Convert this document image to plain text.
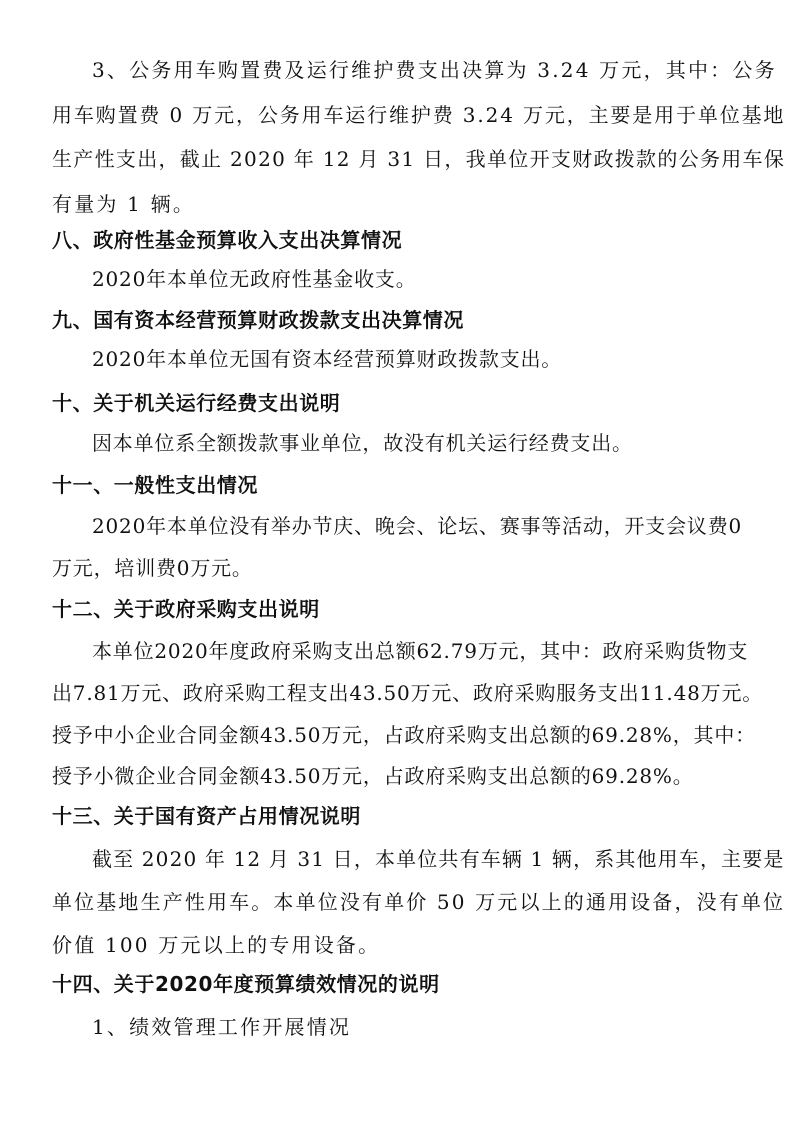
3、公务用车购置费及运行维护费支出决算为 3.24 万元，其中：公务
用车购置费 0 万元，公务用车运行维护费 3.24 万元，主要是用于单位基地
生产性支出，截止 2020 年 12 月 31 日，我单位开支财政拨款的公务用车保
有量为 1 辆。
八、政府性基金预算收入支出决算情况
2020年本单位无政府性基金收支。
九、国有资本经营预算财政拨款支出决算情况
2020年本单位无国有资本经营预算财政拨款支出。
十、关于机关运行经费支出说明
因本单位系全额拨款事业单位，故没有机关运行经费支出。
十一、一般性支出情况
2020年本单位没有举办节庆、晚会、论坛、赛事等活动，开支会议费0
万元，培训费0万元。
十二、关于政府采购支出说明
本单位2020年度政府采购支出总额62.79万元，其中：政府采购货物支
出7.81万元、政府采购工程支出43.50万元、政府采购服务支出11.48万元。
授予中小企业合同金额43.50万元，占政府采购支出总额的69.28%，其中：
授予小微企业合同金额43.50万元，占政府采购支出总额的69.28%。
十三、关于国有资产占用情况说明
截至 2020 年 12 月 31 日，本单位共有车辆 1 辆，系其他用车，主要是
单位基地生产性用车。本单位没有单价 50 万元以上的通用设备，没有单位
价值 100 万元以上的专用设备。
十四、关于2020年度预算绩效情况的说明
1、绩效管理工作开展情况
